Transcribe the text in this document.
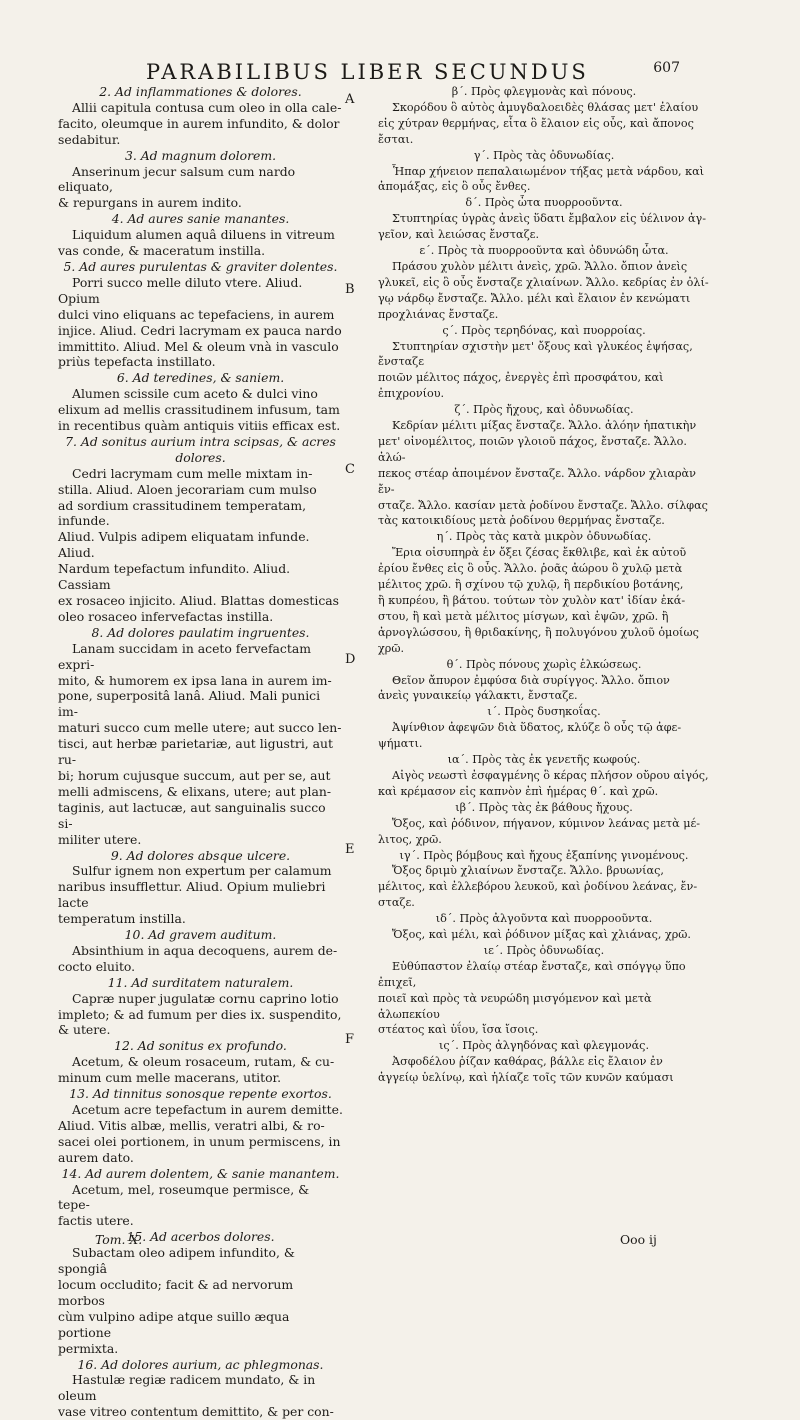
PARABILIBUS LIBER SECUNDUS	607

2. Ad inflammationes & dolores.

Allii capitula contusa cum oleo in olla cale-

facito, oleumque in aurem infundito, & dolor

sedabitur.

3. Ad magnum dolorem.

Anserinum jecur salsum cum nardo eliquato,

& repurgans in aurem indito.

4. Ad aures sanie manantes.

Liquidum alumen aquâ diluens in vitreum

vas conde, & maceratum instilla.

5. Ad aures purulentas & graviter dolentes.

Porri succo melle diluto vtere. Aliud. Opium

dulci vino eliquans ac tepefaciens, in aurem

injice. Aliud. Cedri lacrymam ex pauca nardo

immittito. Aliud. Mel & oleum vnà in vasculo

priùs tepefacta instillato.

6. Ad teredines, & saniem.

Alumen scissile cum aceto & dulci vino

elixum ad mellis crassitudinem infusum, tam

in recentibus quàm antiquis vitiis efficax est.

7. Ad sonitus aurium intra scipsas, & acres

dolores.

Cedri lacrymam cum melle mixtam in-

stilla. Aliud. Aloen jecorariam cum mulso

ad sordium crassitudinem temperatam, infunde.

Aliud. Vulpis adipem eliquatam infunde. Aliud.

Nardum tepefactum infundito. Aliud. Cassiam

ex rosaceo injicito. Aliud. Blattas domesticas

oleo rosaceo infervefactas instilla.

8. Ad dolores paulatim ingruentes.

Lanam succidam in aceto fervefactam expri-

mito, & humorem ex ipsa lana in aurem im-

pone, superpositâ lanâ. Aliud. Mali punici im-

maturi succo cum melle utere; aut succo len-

tisci, aut herbæ parietariæ, aut ligustri, aut ru-

bi; horum cujusque succum, aut per se, aut

melli admiscens, & elixans, utere; aut plan-

taginis, aut lactucæ, aut sanguinalis succo si-

militer utere.

9. Ad dolores absque ulcere.

Sulfur ignem non expertum per calamum

naribus insufflettur. Aliud. Opium muliebri lacte

temperatum instilla.

10. Ad gravem auditum.

Absinthium in aqua decoquens, aurem de-

cocto eluito.

11. Ad surditatem naturalem.

Capræ nuper jugulatæ cornu caprino lotio

impleto; & ad fumum per dies ix. suspendito,

& utere.

12. Ad sonitus ex profundo.

Acetum, & oleum rosaceum, rutam, & cu-

minum cum melle macerans, utitor.

13. Ad tinnitus sonosque repente exortos.

Acetum acre tepefactum in aurem demitte.

Aliud. Vitis albæ, mellis, veratri albi, & ro-

sacei olei portionem, in unum permiscens, in

aurem dato.

14. Ad aurem dolentem, & sanie manantem.

Acetum, mel, roseumque permisce, & tepe-

factis utere.

15. Ad acerbos dolores.

Subactam oleo adipem infundito, & spongiâ

locum occludito; facit & ad nervorum morbos

cùm vulpino adipe atque suillo æqua portione

permixta.

16. Ad dolores aurium, ac phlegmonas.

Hastulæ regiæ radicem mundato, & in oleum

vase vitreo contentum demittito, & per con-

β΄. Πρὸς φλεγμονὰς καὶ πόνους.

Σκορόδου ὃ αὐτὸς ἀμυγδαλοειδὲς θλάσας μετ' ἐλαίου

εἰς χύτραν θερμήνας, εἶτα ὃ ἔλαιον εἰς οὖς, καὶ ἄπονος ἔσται.

γ΄. Πρὸς τὰς ὀδυνωδίας.

Ἧπαρ χήνειον πεπαλαιωμένον τήξας μετὰ νάρδου, καὶ

ἀπομάξας, εἰς ὃ οὖς ἔνθες.

δ΄. Πρὸς ὦτα πυορροοῦντα.

Στυπτηρίας ὑγρὰς ἀνεὶς ὕδατι ἔμβαλον εἰς ὑέλινον ἀγ-

γεῖον, καὶ λειώσας ἔνσταζε.

ε΄. Πρὸς τὰ πυορροοῦντα καὶ ὀδυνώδη ὦτα.

Πράσου χυλὸν μέλιτι ἀνεὶς, χρῶ. Ἄλλο. ὄπιον ἀνεὶς

γλυκεῖ, εἰς ὃ οὖς ἔνσταζε χλιαίνων. Ἄλλο. κεδρίας ἐν ὀλί-

γῳ νάρδῳ ἔνσταζε. Ἄλλο. μέλι καὶ ἔλαιον ἐν κενώματι

προχλιάνας ἔνσταζε.

ς΄. Πρὸς τερηδόνας, καὶ πυορροίας.

Στυπτηρίαν σχιστὴν μετ' ὄξους καὶ γλυκέος ἑψήσας, ἔνσταζε

ποιῶν μέλιτος πάχος, ἐνεργὲς ἐπὶ προσφάτου, καὶ ἐπιχρονίου.

ζ΄. Πρὸς ἤχους, καὶ ὀδυνωδίας.

Κεδρίαν μέλιτι μίξας ἔνσταζε. Ἄλλο. ἀλόην ἡπατικὴν

μετ' οἰνομέλιτος, ποιῶν γλοιοῦ πάχος, ἔνσταζε. Ἄλλο. ἀλώ-

πεκος στέαρ ἀποιμένον ἔνσταζε. Ἄλλο. νάρδον χλιαρὰν ἔν-

σταζε. Ἄλλο. κασίαν μετὰ ῥοδίνου ἔνσταζε. Ἄλλο. σίλφας

τὰς κατοικιδίους μετὰ ῥοδίνου θερμήνας ἔνσταζε.

η΄. Πρὸς τὰς κατὰ μικρὸν ὀδυνωδίας.

Ἔρια οἰσυπηρὰ ἐν ὄξει ζέσας ἔκθλιβε, καὶ ἐκ αὐτοῦ

ἐρίου ἔνθες εἰς ὃ οὖς. Ἄλλο. ῥοᾶς ἀώρου ὃ χυλῷ μετὰ

μέλιτος χρῶ. ἢ σχίνου τῷ χυλῷ, ἢ περδικίου βοτάνης,

ἢ κυπρέου, ἢ βάτου. τούτων τὸν χυλὸν κατ' ἰδίαν ἐκά-

στου, ἢ καὶ μετὰ μέλιτος μίσγων, καὶ ἑψῶν, χρῶ. ἢ

ἀρνογλώσσου, ἢ θριδακίνης, ἢ πολυγόνου χυλοῦ ὁμοίως

χρῶ.

θ΄. Πρὸς πόνους χωρὶς ἑλκώσεως.

Θεῖον ἄπυρον ἐμφύσα διὰ συρίγγος. Ἄλλο. ὄπιον

ἀνεὶς γυναικείῳ γάλακτι, ἔνσταζε.

ι΄. Πρὸς δυσηκοΐας.

Ἀψίνθιον ἀφεψῶν διὰ ὕδατος, κλύζε ὃ οὖς τῷ ἀφε-

ψήματι.

ια΄. Πρὸς τὰς ἐκ γενετῆς κωφούς.

Αἰγὸς νεωστὶ ἐσφαγμένης ὃ κέρας πλήσον οὔρου αἰγός,

καὶ κρέμασον εἰς καπνὸν ἐπὶ ἡμέρας θ΄. καὶ χρῶ.

ιβ΄. Πρὸς τὰς ἐκ βάθους ἤχους.

Ὄξος, καὶ ῥόδινον, πήγανον, κύμινον λεάνας μετὰ μέ-

λιτος, χρῶ.

ιγ΄. Πρὸς βόμβους καὶ ἤχους ἐξαπίνης γινομένους.

Ὄξος δριμὺ χλιαίνων ἔνσταζε. Ἄλλο. βρυωνίας,

μέλιτος, καὶ ἐλλεβόρου λευκοῦ, καὶ ῥοδίνου λεάνας, ἔν-

σταζε.

ιδ΄. Πρὸς ἀλγοῦντα καὶ πυορροοῦντα.

Ὄξος, καὶ μέλι, καὶ ῥόδινον μίξας καὶ χλιάνας, χρῶ.

ιε΄. Πρὸς ὀδυνωδίας.

Εὐθύπαστον ἐλαίῳ στέαρ ἔνσταζε, καὶ σπόγγῳ ὕπο ἐπιχεῖ,

ποιεῖ καὶ πρὸς τὰ νευρώδη μισγόμενον καὶ μετὰ ἀλωπεκίου

στέατος καὶ ὑΐου, ἴσα ἴσοις.

ις΄. Πρὸς ἀλγηδόνας καὶ φλεγμονάς.

Ἀσφοδέλου ῥίζαν καθάρας, βάλλε εἰς ἔλαιον ἐν

ἀγγείῳ ὑελίνῳ, καὶ ἡλίαζε τοῖς τῶν κυνῶν καύμασι

A
B
C
D
E
F
Tom. X.	Ooo ij
